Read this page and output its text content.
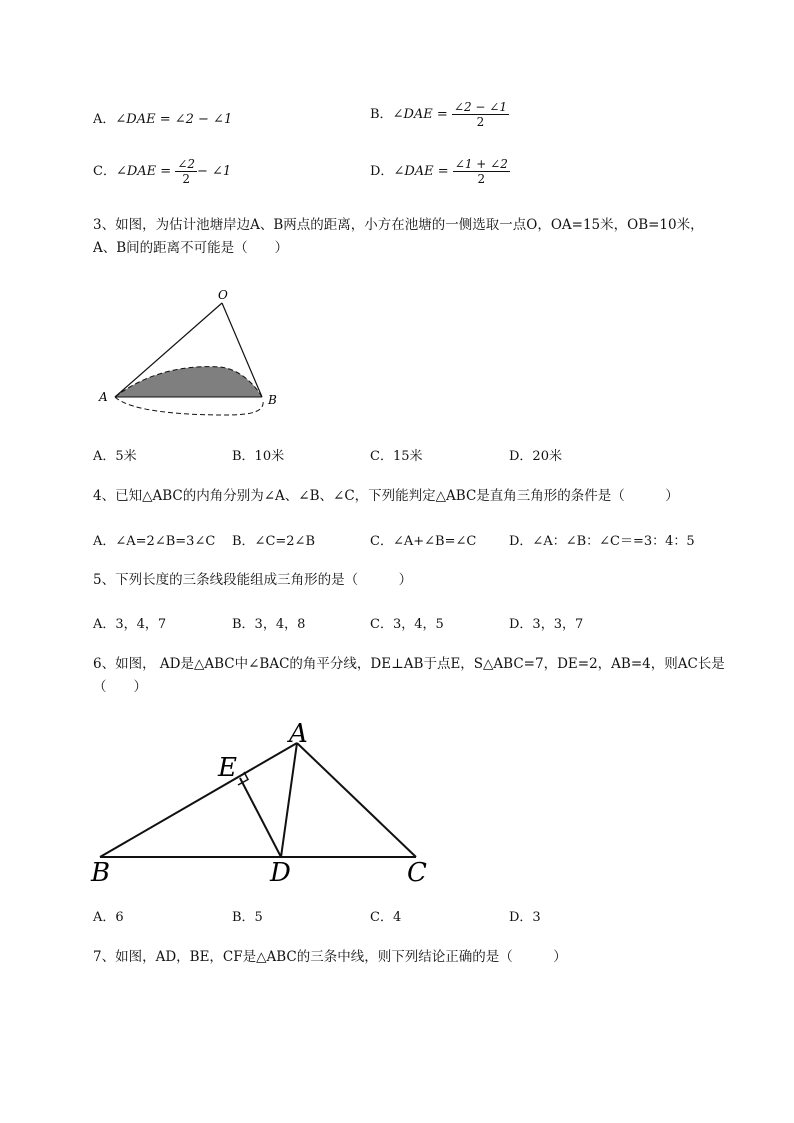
A．∠DAE = ∠2 − ∠1	B．∠DAE = $\frac{\angle 2 - \angle 1}{2}$
C．∠DAE = $\frac{\angle 2}{2}$ − ∠1	D．∠DAE = $\frac{\angle 1 + \angle 2}{2}$
3、如图，为估计池塘岸边A、B两点的距离，小方在池塘的一侧选取一点O，OA=15米，OB=10米，
A、B间的距离不可能是（　　）
O
A	B
A．5米	B．10米	C．15米	D．20米
4、已知△ABC的内角分别为∠A、∠B、∠C，下列能判定△ABC是直角三角形的条件是（　　　）
A．∠A=2∠B=3∠C B．∠C=2∠B	C．∠A+∠B=∠C	D．∠A：∠B：∠C＝=3：4：5
5、下列长度的三条线段能组成三角形的是（　　　）
A．3，4，7	B．3，4，8	C．3，4，5	D．3，3，7
6、如图， AD是△ABC中∠BAC的角平分线，DE⊥AB于点E，S△ABC=7，DE=2，AB=4，则AC长是
（　　）
A
E
B	D	C
A．6	B．5	C．4	D．3
7、如图，AD，BE，CF是△ABC的三条中线，则下列结论正确的是（　　　）
